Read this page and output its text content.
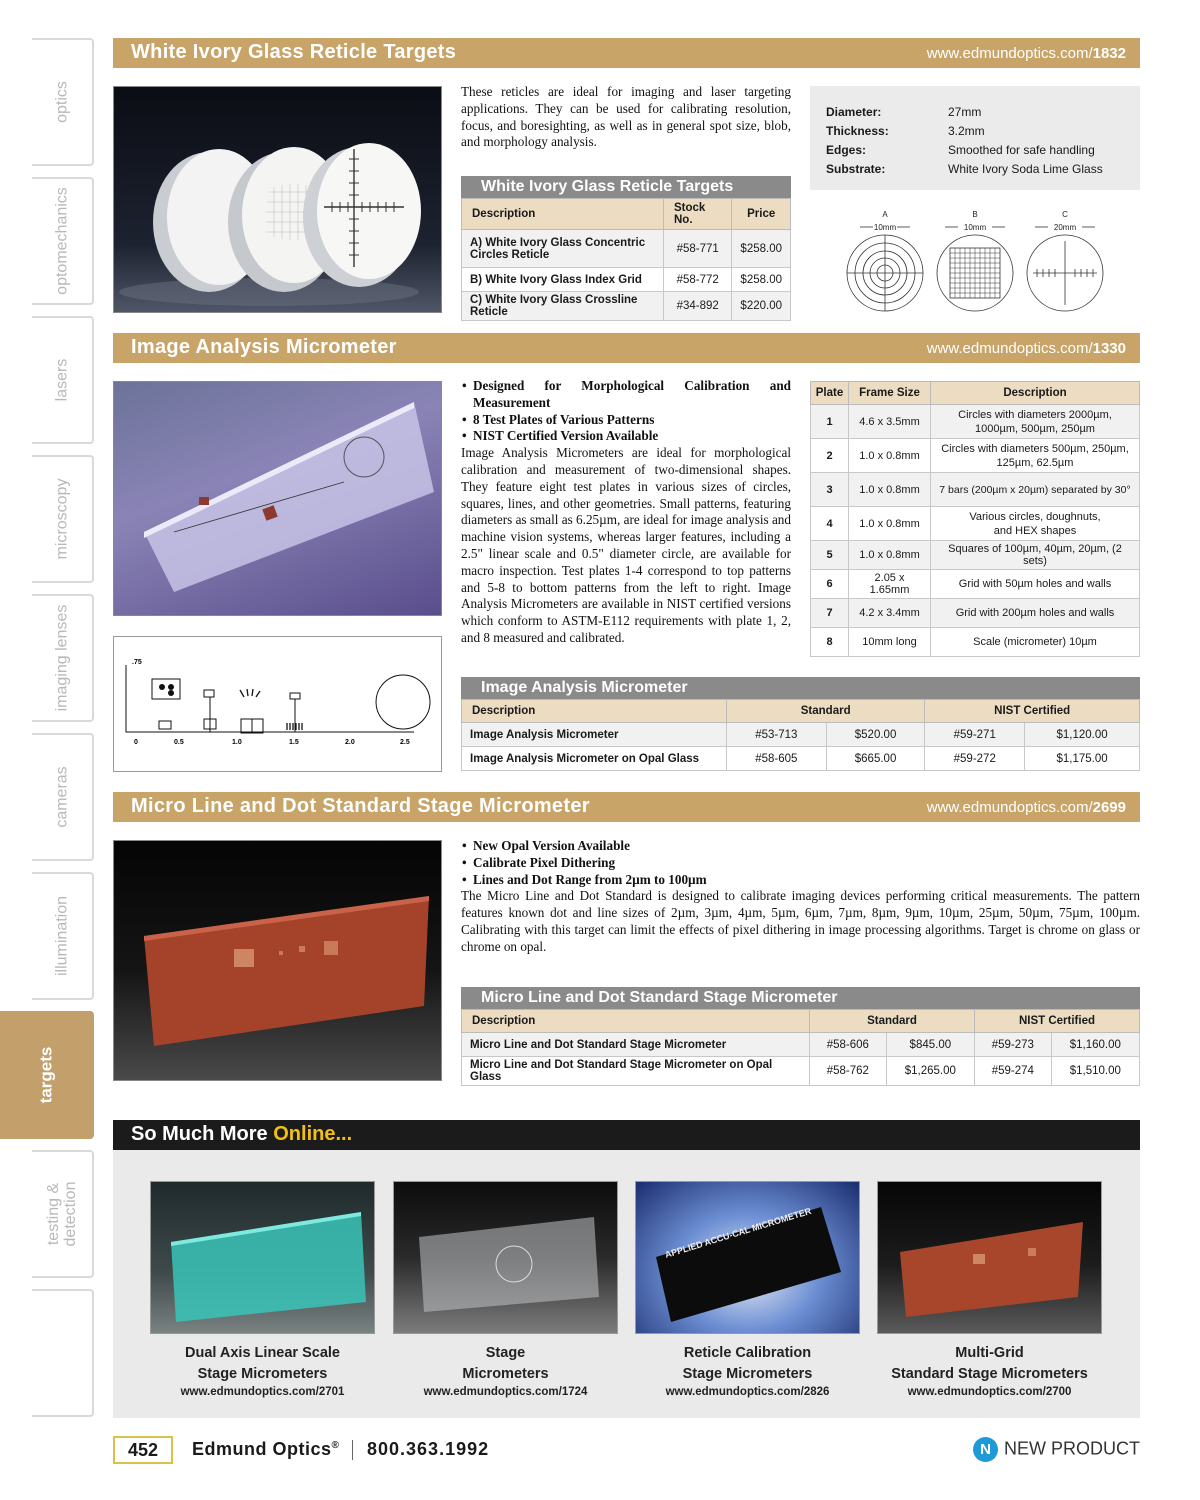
optics
optomechanics
lasers
microscopy
imaging lenses
cameras
illumination
targets
testing & detection
White Ivory Glass Reticle Targets	www.edmundoptics.com/1832

These reticles are ideal for imaging and laser targeting applications. They can be used for calibrating resolution, focus, and boresighting, as well as in general spot size, blob, and morphology analysis.

Diameter:	27mm
Thickness:	3.2mm
Edges:	Smoothed for safe handling
Substrate:	White Ivory Soda Lime Glass
White Ivory Glass Reticle Targets
Description	Stock No.	Price
A) White Ivory Glass Concentric Circles Reticle	#58-771	$258.00
B) White Ivory Glass Index Grid	#58-772	$258.00
C) White Ivory Glass Crossline Reticle	#34-892	$220.00
A	B	C
10mm	10mm	20mm
Image Analysis Micrometer	www.edmundoptics.com/1330
.75
0	0.5	1.0	1.5	2.0	2.5
• Designed for Morphological Calibration and Measurement
• 8 Test Plates of Various Patterns
• NIST Certified Version Available

Image Analysis Micrometers are ideal for morphological calibration and measurement of two-dimensional shapes. They feature eight test plates in various sizes of circles, squares, lines, and other geometries. Small patterns, featuring diameters as small as 6.25µm, are ideal for image analysis and machine vision systems, whereas larger features, including a 2.5" linear scale and 0.5" diameter circle, are available for macro inspection. Test plates 1-4 correspond to top patterns and 5-8 to bottom patterns from the left to right. Image Analysis Micrometers are available in NIST certified versions which conform to ASTM-E112 requirements with plate 1, 2, and 8 measured and calibrated.

Plate	Frame Size	Description
1	4.6 x 3.5mm	Circles with diameters 2000µm, 1000µm, 500µm, 250µm
2	1.0 x 0.8mm	Circles with diameters 500µm, 250µm, 125µm, 62.5µm
3	1.0 x 0.8mm	7 bars (200µm x 20µm) separated by 30°
4	1.0 x 0.8mm	Various circles, doughnuts, and HEX shapes
5	1.0 x 0.8mm	Squares of 100µm, 40µm, 20µm, (2 sets)
6	2.05 x 1.65mm	Grid with 50µm holes and walls
7	4.2 x 3.4mm	Grid with 200µm holes and walls
8	10mm long	Scale (micrometer) 10µm
Image Analysis Micrometer
Description	Standard		NIST Certified	
Image Analysis Micrometer	#53-713	$520.00	#59-271	$1,120.00
Image Analysis Micrometer on Opal Glass	#58-605	$665.00	#59-272	$1,175.00
Micro Line and Dot Standard Stage Micrometer	www.edmundoptics.com/2699
• New Opal Version Available
• Calibrate Pixel Dithering
• Lines and Dot Range from 2µm to 100µm

The Micro Line and Dot Standard is designed to calibrate imaging devices performing critical measurements. The pattern features known dot and line sizes of 2µm, 3µm, 4µm, 5µm, 6µm, 7µm, 8µm, 9µm, 10µm, 25µm, 50µm, 75µm, 100µm. Calibrating with this target can limit the effects of pixel dithering in image processing algorithms. Target is chrome on glass or chrome on opal.

Micro Line and Dot Standard Stage Micrometer
Description	Standard		NIST Certified	
Micro Line and Dot Standard Stage Micrometer	#58-606	$845.00	#59-273	$1,160.00
Micro Line and Dot Standard Stage Micrometer on Opal Glass	#58-762	$1,265.00	#59-274	$1,510.00
So Much More Online...
Dual Axis Linear Scale
Stage Micrometers
www.edmundoptics.com/2701
Stage
Micrometers
www.edmundoptics.com/1724
APPLIED ACCU-CAL MICROMETER
Reticle Calibration
Stage Micrometers
www.edmundoptics.com/2826
Multi-Grid
Standard Stage Micrometers
www.edmundoptics.com/2700
452	Edmund Optics® 800.363.1992	N NEW PRODUCT
